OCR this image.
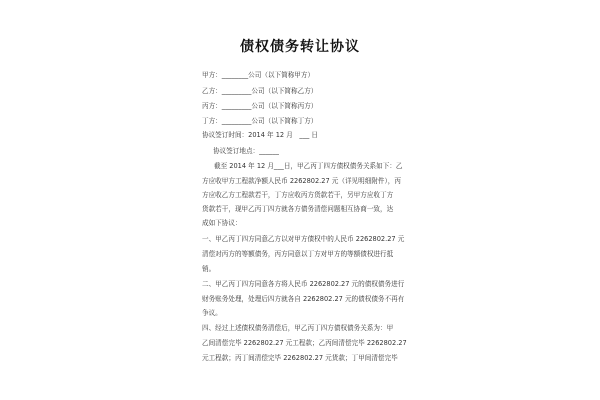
债权债务转让协议
甲方：________公司（以下简称甲方）
乙方：_________公司（以下简称乙方）
丙方：_________公司（以下简称丙方）
丁方：_________公司（以下简称丁方）
协议签订时间：2014 年 12 月　___ 日
协议签订地点：______
截至 2014 年 12 月___日，甲乙丙丁四方债权债务关系如下：乙
方应收甲方工程款净额人民币 2262802.27 元（详见明细附件），丙
方应收乙方工程款若干，丁方应收丙方货款若干，另甲方应收丁方
货款若干，现甲乙丙丁四方就各方债务清偿问题相互协商一致，达
成如下协议：
一、甲乙丙丁四方同意乙方以对甲方债权中的人民币 2262802.27 元
清偿对丙方的等额债务，丙方同意以丁方对甲方的等额债权进行抵
销。
二、甲乙丙丁四方同意各方将人民币 2262802.27 元的债权债务进行
财务账务处理，处理后四方就各自 2262802.27 元的债权债务不再有
争议。
四、经过上述债权债务清偿后，甲乙丙丁四方债权债务关系为：甲
乙间清偿完毕 2262802.27 元工程款；乙丙间清偿完毕 2262802.27
元工程款；丙丁间清偿完毕 2262802.27 元货款；丁甲间清偿完毕
